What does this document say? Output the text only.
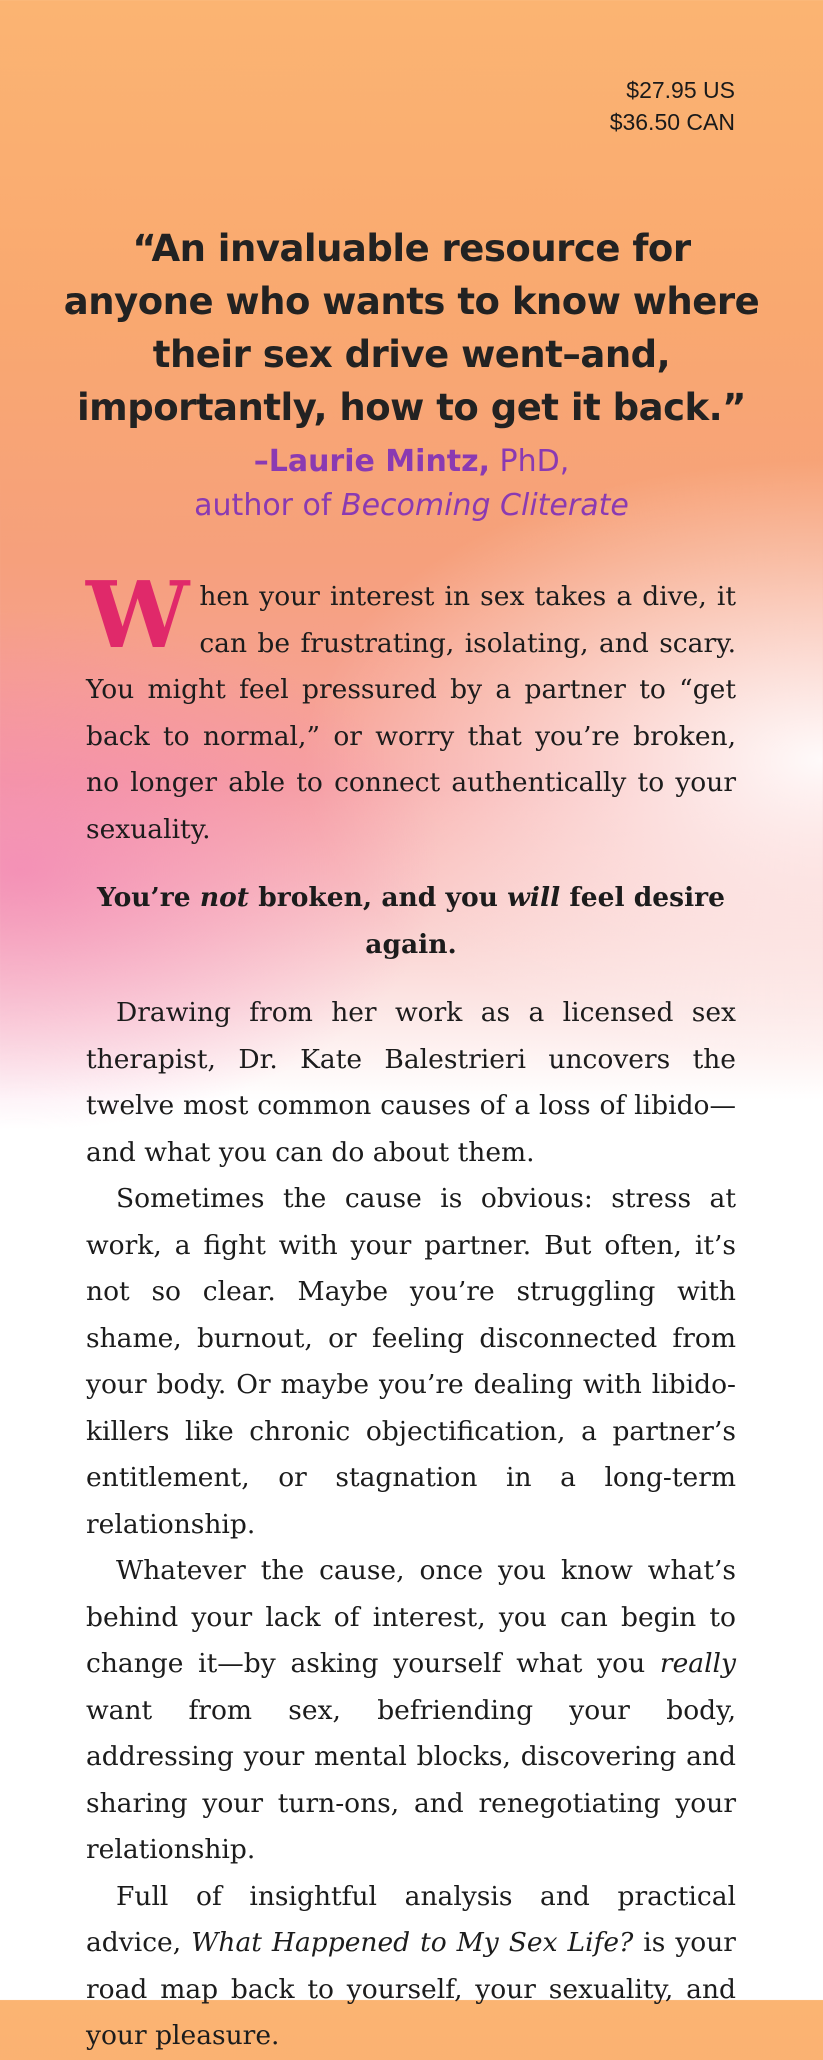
$27.95 US
$36.50 CAN
“An invaluable resource for anyone who wants to know where their sex drive went–and, importantly, how to get it back.”
–Laurie Mintz, PhD,
author of Becoming Cliterate

When your interest in sex takes a dive, it can be frustrating, isolating, and scary. You might feel pressured by a partner to “get back to normal,” or worry that you’re broken, no longer able to connect authentically to your sexuality.

You’re not broken, and you will feel desire again.

Drawing from her work as a licensed sex therapist, Dr. Kate Balestrieri uncovers the twelve most common causes of a loss of libido—and what you can do about them.

Sometimes the cause is obvious: stress at work, a fight with your partner. But often, it’s not so clear. Maybe you’re struggling with shame, burnout, or feeling disconnected from your body. Or maybe you’re dealing with libido-killers like chronic objectification, a partner’s entitlement, or stagnation in a long-term relationship.

Whatever the cause, once you know what’s behind your lack of interest, you can begin to change it—by asking yourself what you really want from sex, befriending your body, addressing your mental blocks, discovering and sharing your turn-ons, and renegotiating your relationship.

Full of insightful analysis and practical advice, What Happened to My Sex Life? is your road map back to yourself, your sexuality, and your pleasure.
